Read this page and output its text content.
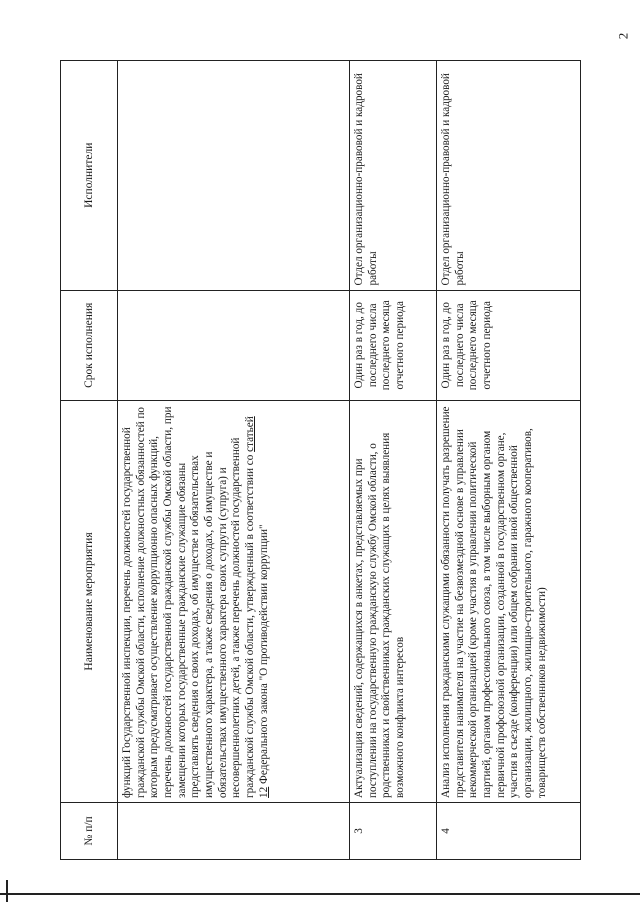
2
№ п/п	Наименование мероприятия	Срок исполнения	Исполнители
	функций Государственной инспекции, перечень должностей государственной гражданской службы Омской области, исполнение должностных обязанностей по которым предусматривает осуществление коррупционно опасных функций, перечень должностей государственной гражданской службы Омской области, при замещении которых государственные гражданские служащие обязаны представлять сведения о своих доходах, об имуществе и обязательствах имущественного характера, а также сведения о доходах, об имуществе и обязательствах имущественного характера своих супруги (супруга) и несовершеннолетних детей, а также перечень должностей государственной гражданской службы Омской области, утвержденный в соответствии со статьей 12 Федерального закона "О противодействии коррупции"		
3	Актуализация сведений, содержащихся в анкетах, представляемых при поступлении на государственную гражданскую службу Омской области, о родственниках и свойственниках гражданских служащих в целях выявления возможного конфликта интересов	Один раз в год, до последнего числа последнего месяца отчетного периода	Отдел организационно-правовой и кадровой работы
4	Анализ исполнения гражданскими служащими обязанности получать разрешение представителя нанимателя на участие на безвозмездной основе в управлении некоммерческой организацией (кроме участия в управлении политической партией, органом профессионального союза, в том числе выборным органом первичной профсоюзной организации, созданной в государственном органе, участия в съезде (конференции) или общем собрании иной общественной организации, жилищного, жилищно-строительного, гаражного кооперативов, товариществ собственников недвижимости)	Один раз в год, до последнего числа последнего месяца отчетного периода	Отдел организационно-правовой и кадровой работы
